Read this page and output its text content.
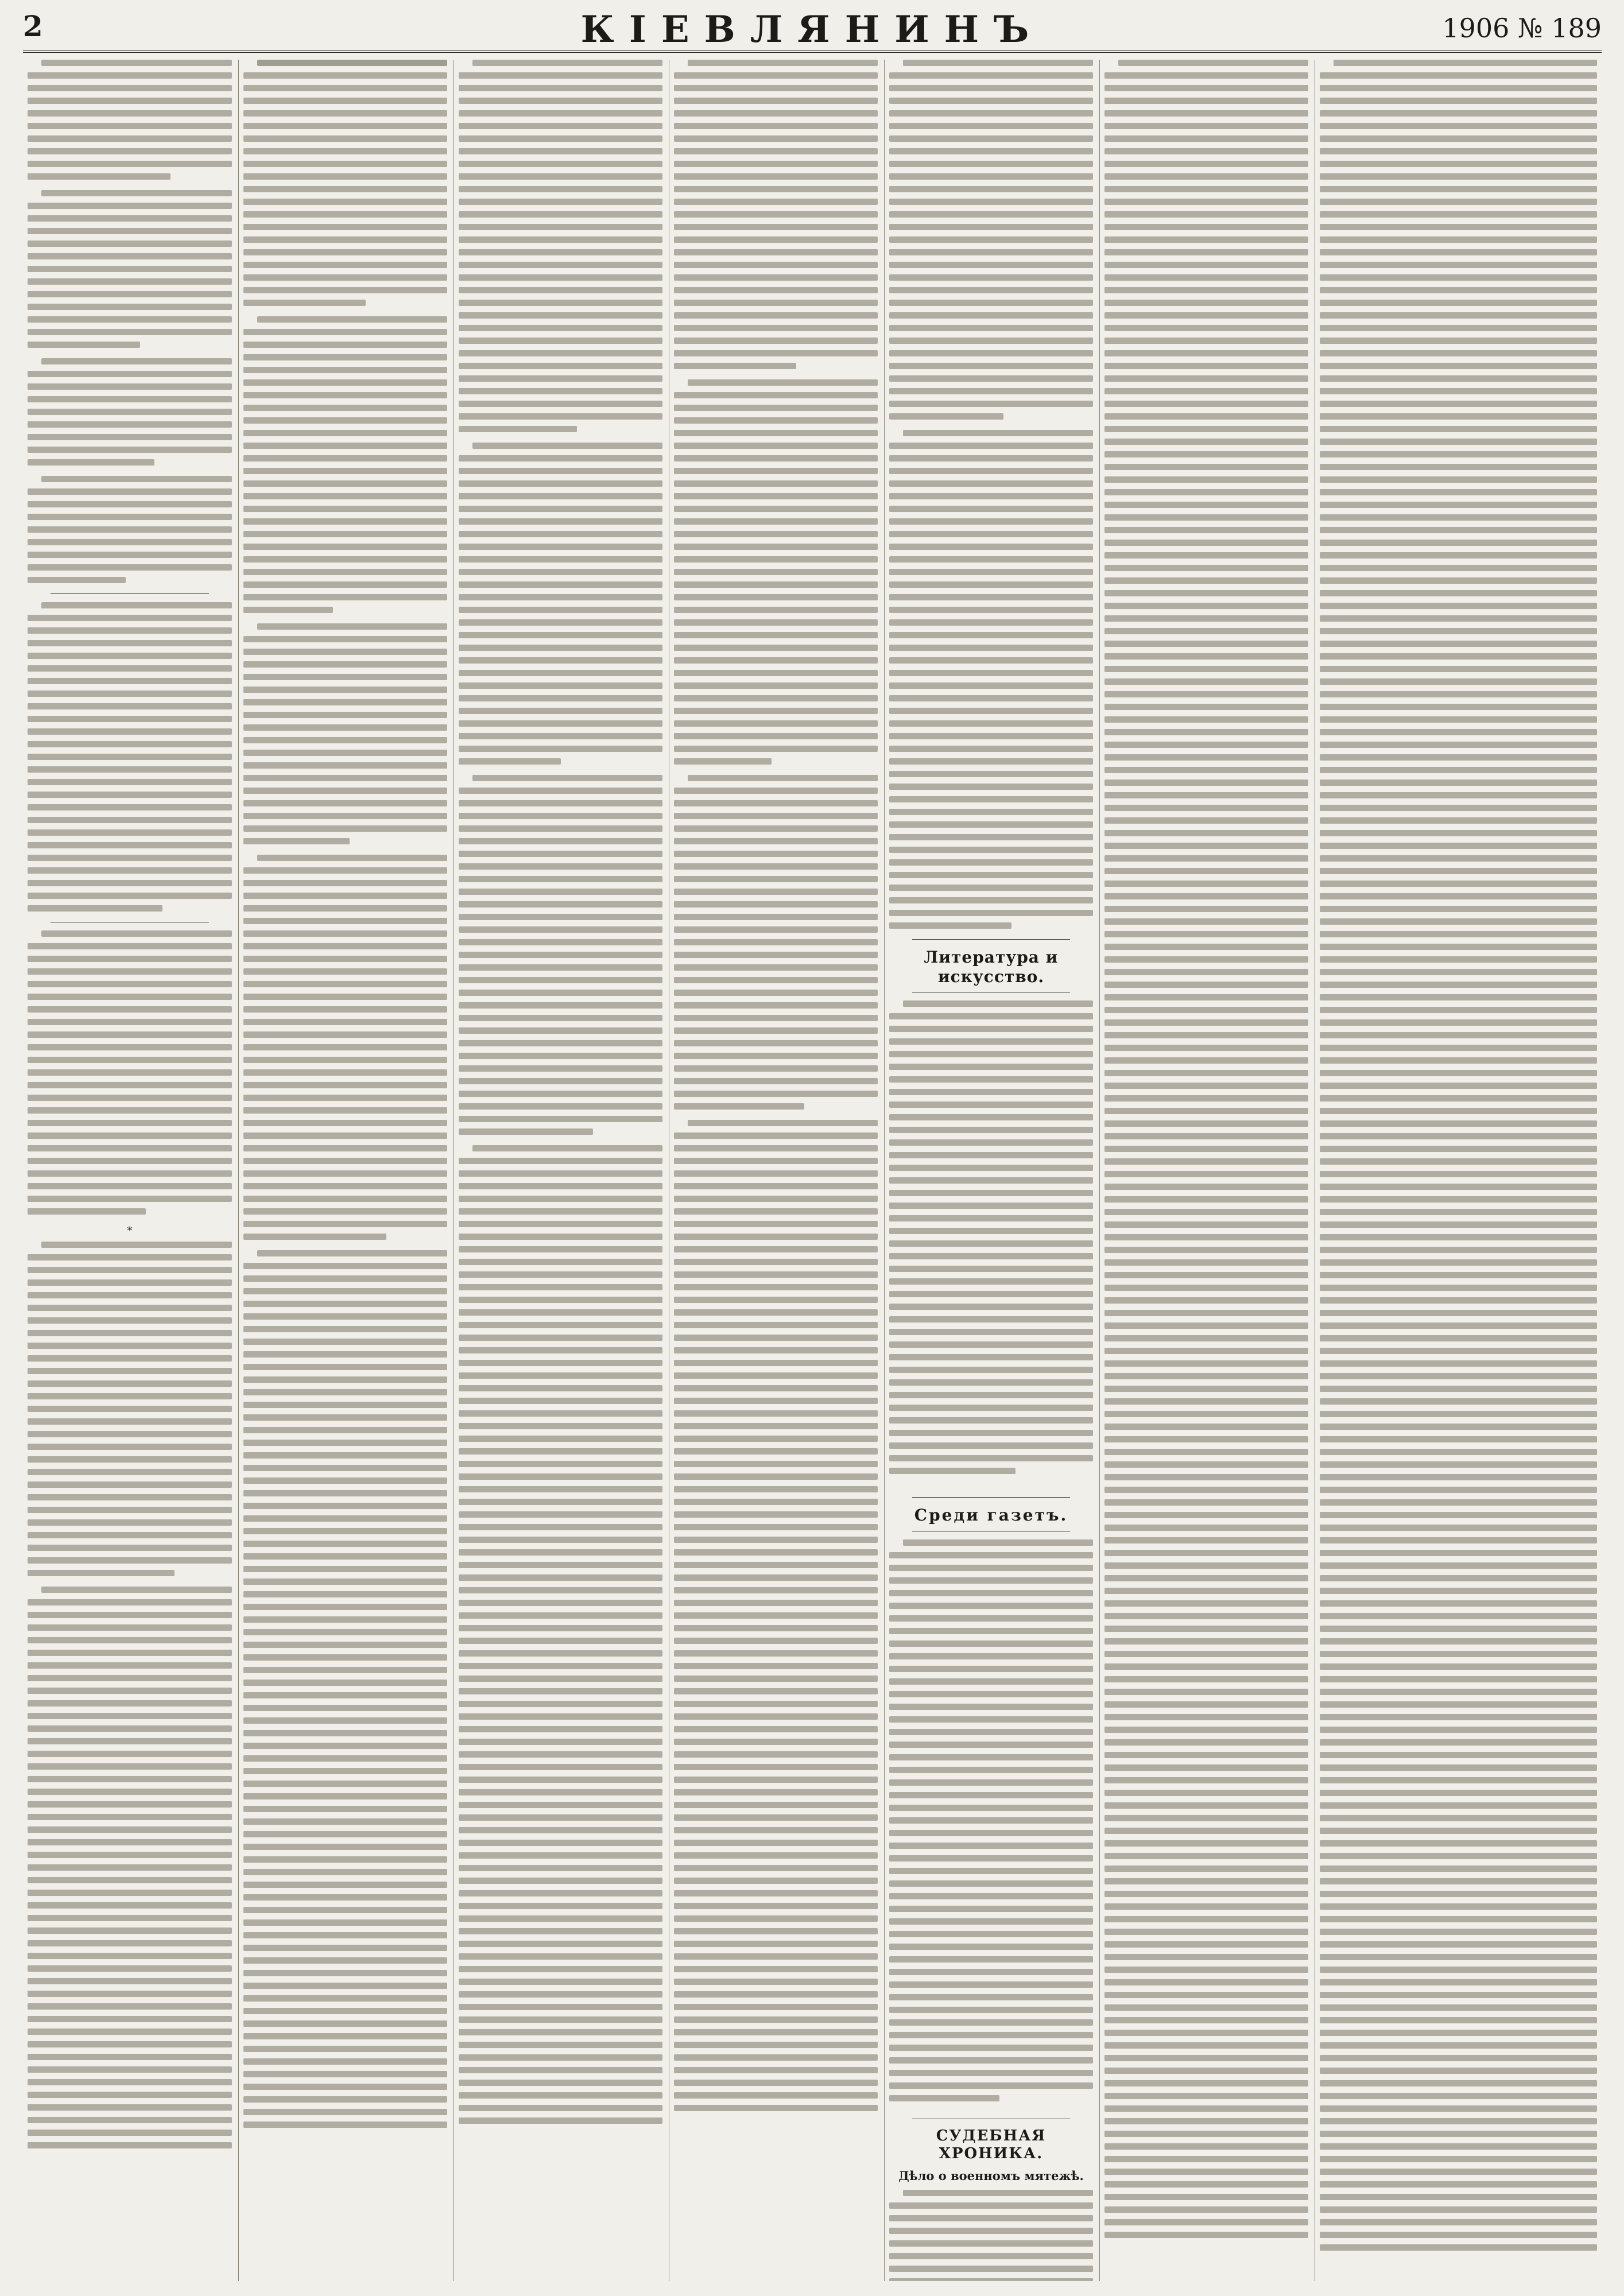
2	КІЕВЛЯНИНЪ	1906 № 189
*
Литература и искусство.
Среди газетъ.
СУДЕБНАЯ ХРОНИКА.
Дѣло о военномъ мятежѣ.
